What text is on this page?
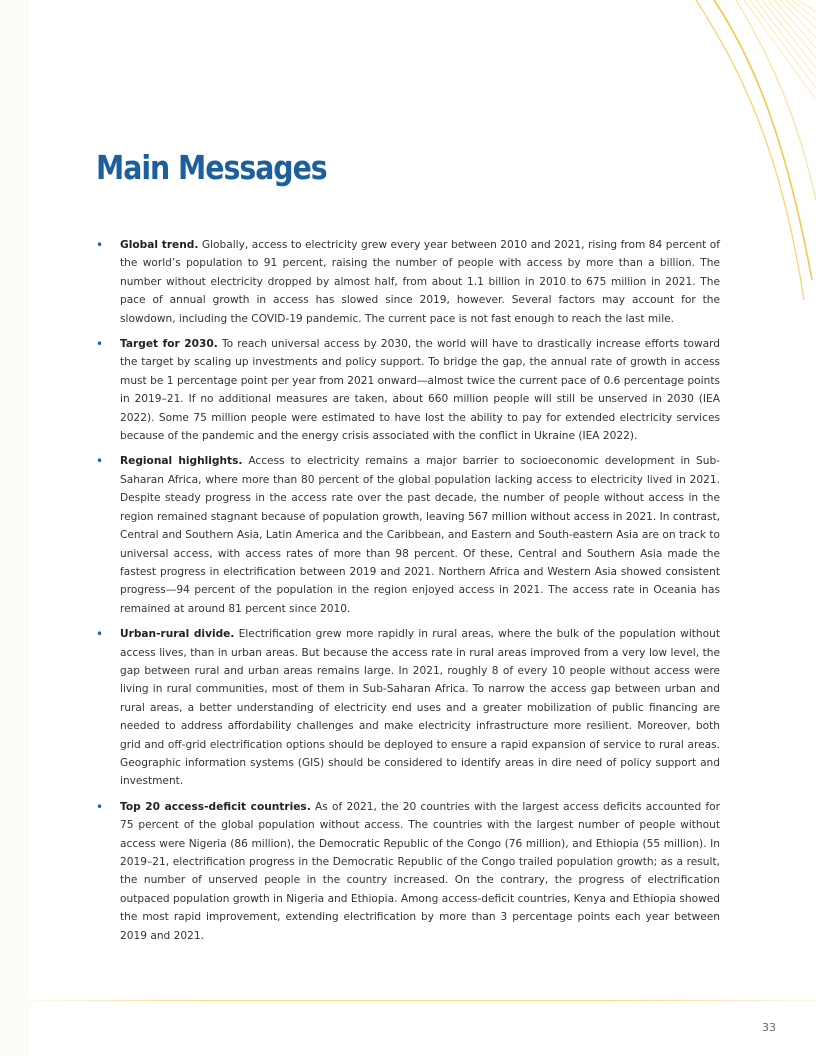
Main Messages
• Global trend. Globally, access to electricity grew every year between 2010 and 2021, rising from 84 percent of the world’s population to 91 percent, raising the number of people with access by more than a billion. The number without electricity dropped by almost half, from about 1.1 billion in 2010 to 675 million in 2021. The pace of annual growth in access has slowed since 2019, however. Several factors may account for the slowdown, including the COVID-19 pandemic. The current pace is not fast enough to reach the last mile.
• Target for 2030. To reach universal access by 2030, the world will have to drastically increase efforts toward the target by scaling up investments and policy support. To bridge the gap, the annual rate of growth in access must be 1 percentage point per year from 2021 onward—almost twice the current pace of 0.6 percentage points in 2019–21. If no additional measures are taken, about 660 million people will still be unserved in 2030 (IEA 2022). Some 75 million people were estimated to have lost the ability to pay for extended electricity services because of the pandemic and the energy crisis associated with the conflict in Ukraine (IEA 2022).
• Regional highlights. Access to electricity remains a major barrier to socioeconomic development in Sub-Saharan Africa, where more than 80 percent of the global population lacking access to electricity lived in 2021. Despite steady progress in the access rate over the past decade, the number of people without access in the region remained stagnant because of population growth, leaving 567 million without access in 2021. In contrast, Central and Southern Asia, Latin America and the Caribbean, and Eastern and South-eastern Asia are on track to universal access, with access rates of more than 98 percent. Of these, Central and Southern Asia made the fastest progress in electrification between 2019 and 2021. Northern Africa and Western Asia showed consistent progress—94 percent of the population in the region enjoyed access in 2021. The access rate in Oceania has remained at around 81 percent since 2010.
• Urban-rural divide. Electrification grew more rapidly in rural areas, where the bulk of the population without access lives, than in urban areas. But because the access rate in rural areas improved from a very low level, the gap between rural and urban areas remains large. In 2021, roughly 8 of every 10 people without access were living in rural communities, most of them in Sub-Saharan Africa. To narrow the access gap between urban and rural areas, a better understanding of electricity end uses and a greater mobilization of public financing are needed to address affordability challenges and make electricity infrastructure more resilient. Moreover, both grid and off-grid electrification options should be deployed to ensure a rapid expansion of service to rural areas. Geographic information systems (GIS) should be considered to identify areas in dire need of policy support and investment.
• Top 20 access-deficit countries. As of 2021, the 20 countries with the largest access deficits accounted for 75 percent of the global population without access. The countries with the largest number of people without access were Nigeria (86 million), the Democratic Republic of the Congo (76 million), and Ethiopia (55 million). In 2019–21, electrification progress in the Democratic Republic of the Congo trailed population growth; as a result, the number of unserved people in the country increased. On the contrary, the progress of electrification outpaced population growth in Nigeria and Ethiopia. Among access-deficit countries, Kenya and Ethiopia showed the most rapid improvement, extending electrification by more than 3 percentage points each year between 2019 and 2021.
33
